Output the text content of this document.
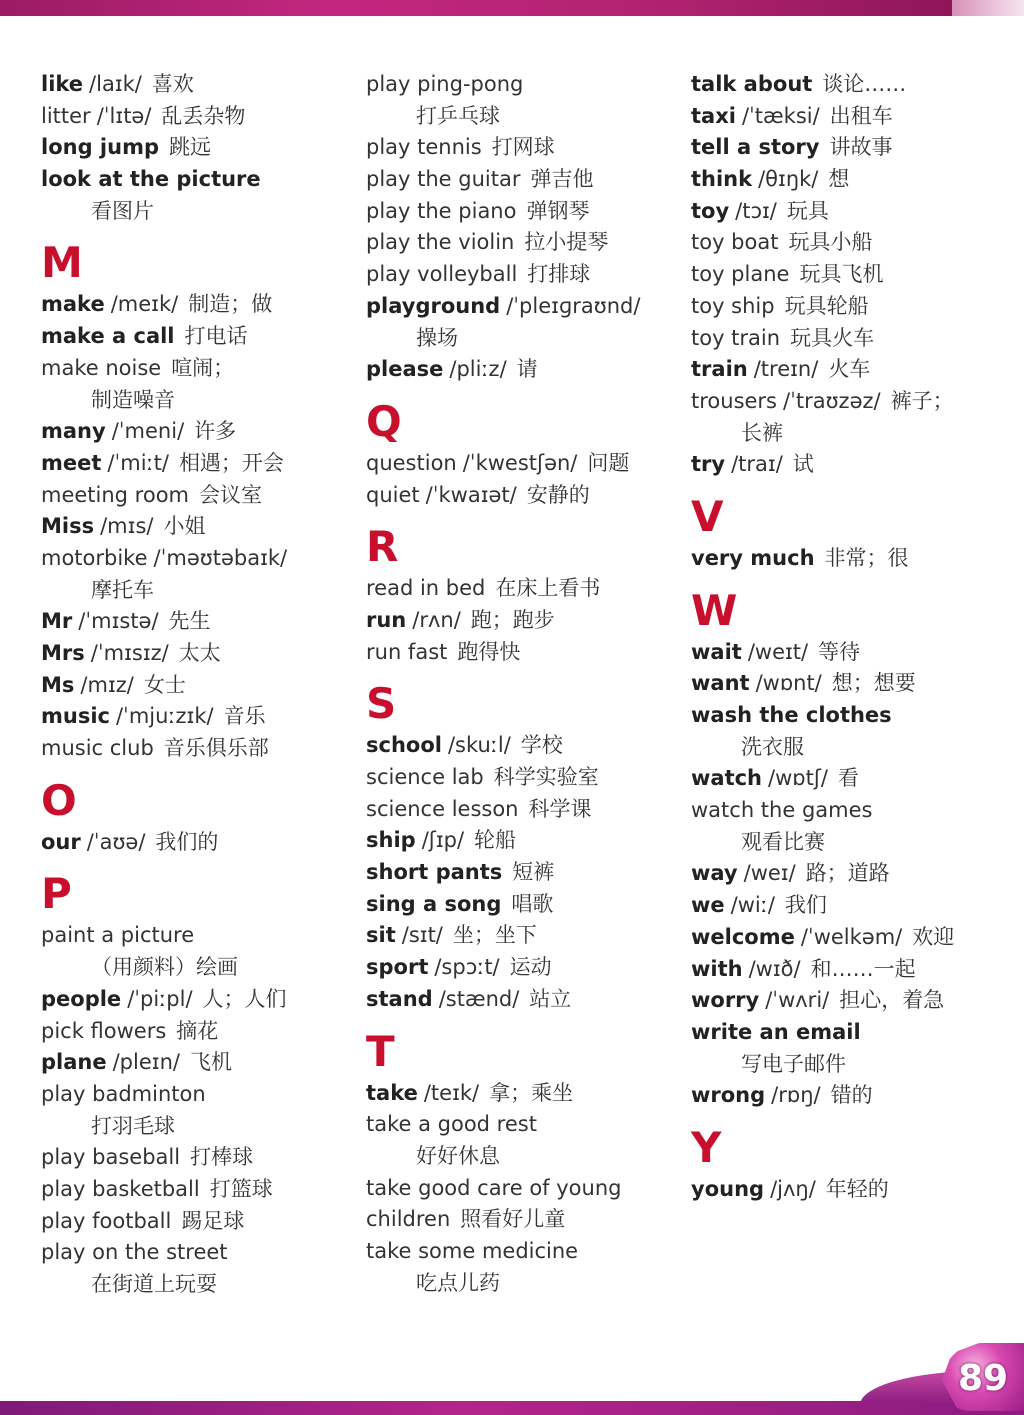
like /laɪk/ 喜欢
litter /ˈlɪtə/ 乱丢杂物
long jump 跳远
look at the picture
看图片
M
make /meɪk/ 制造；做
make a call 打电话
make noise 喧闹；
制造噪音
many /ˈmeni/ 许多
meet /ˈmiːt/ 相遇；开会
meeting room 会议室
Miss /mɪs/ 小姐
motorbike /ˈməʊtəbaɪk/
摩托车
Mr /ˈmɪstə/ 先生
Mrs /ˈmɪsɪz/ 太太
Ms /mɪz/ 女士
music /ˈmjuːzɪk/ 音乐
music club 音乐俱乐部
O
our /ˈaʊə/ 我们的
P
paint a picture
（用颜料）绘画
people /ˈpiːpl/ 人；人们
pick flowers 摘花
plane /pleɪn/ 飞机
play badminton
打羽毛球
play baseball 打棒球
play basketball 打篮球
play football 踢足球
play on the street
在街道上玩耍
play ping-pong
打乒乓球
play tennis 打网球
play the guitar 弹吉他
play the piano 弹钢琴
play the violin 拉小提琴
play volleyball 打排球
playground /ˈpleɪɡraʊnd/
操场
please /pliːz/ 请
Q
question /ˈkwestʃən/ 问题
quiet /ˈkwaɪət/ 安静的
R
read in bed 在床上看书
run /rʌn/ 跑；跑步
run fast 跑得快
S
school /skuːl/ 学校
science lab 科学实验室
science lesson 科学课
ship /ʃɪp/ 轮船
short pants 短裤
sing a song 唱歌
sit /sɪt/ 坐；坐下
sport /spɔːt/ 运动
stand /stænd/ 站立
T
take /teɪk/ 拿；乘坐
take a good rest
好好休息
take good care of young
children 照看好儿童
take some medicine
吃点儿药
talk about 谈论……
taxi /ˈtæksi/ 出租车
tell a story 讲故事
think /θɪŋk/ 想
toy /tɔɪ/ 玩具
toy boat 玩具小船
toy plane 玩具飞机
toy ship 玩具轮船
toy train 玩具火车
train /treɪn/ 火车
trousers /ˈtraʊzəz/ 裤子；
长裤
try /traɪ/ 试
V
very much 非常；很
W
wait /weɪt/ 等待
want /wɒnt/ 想；想要
wash the clothes
洗衣服
watch /wɒtʃ/ 看
watch the games
观看比赛
way /weɪ/ 路；道路
we /wiː/ 我们
welcome /ˈwelkəm/ 欢迎
with /wɪð/ 和……一起
worry /ˈwʌri/ 担心，着急
write an email
写电子邮件
wrong /rɒŋ/ 错的
Y
young /jʌŋ/ 年轻的
89
